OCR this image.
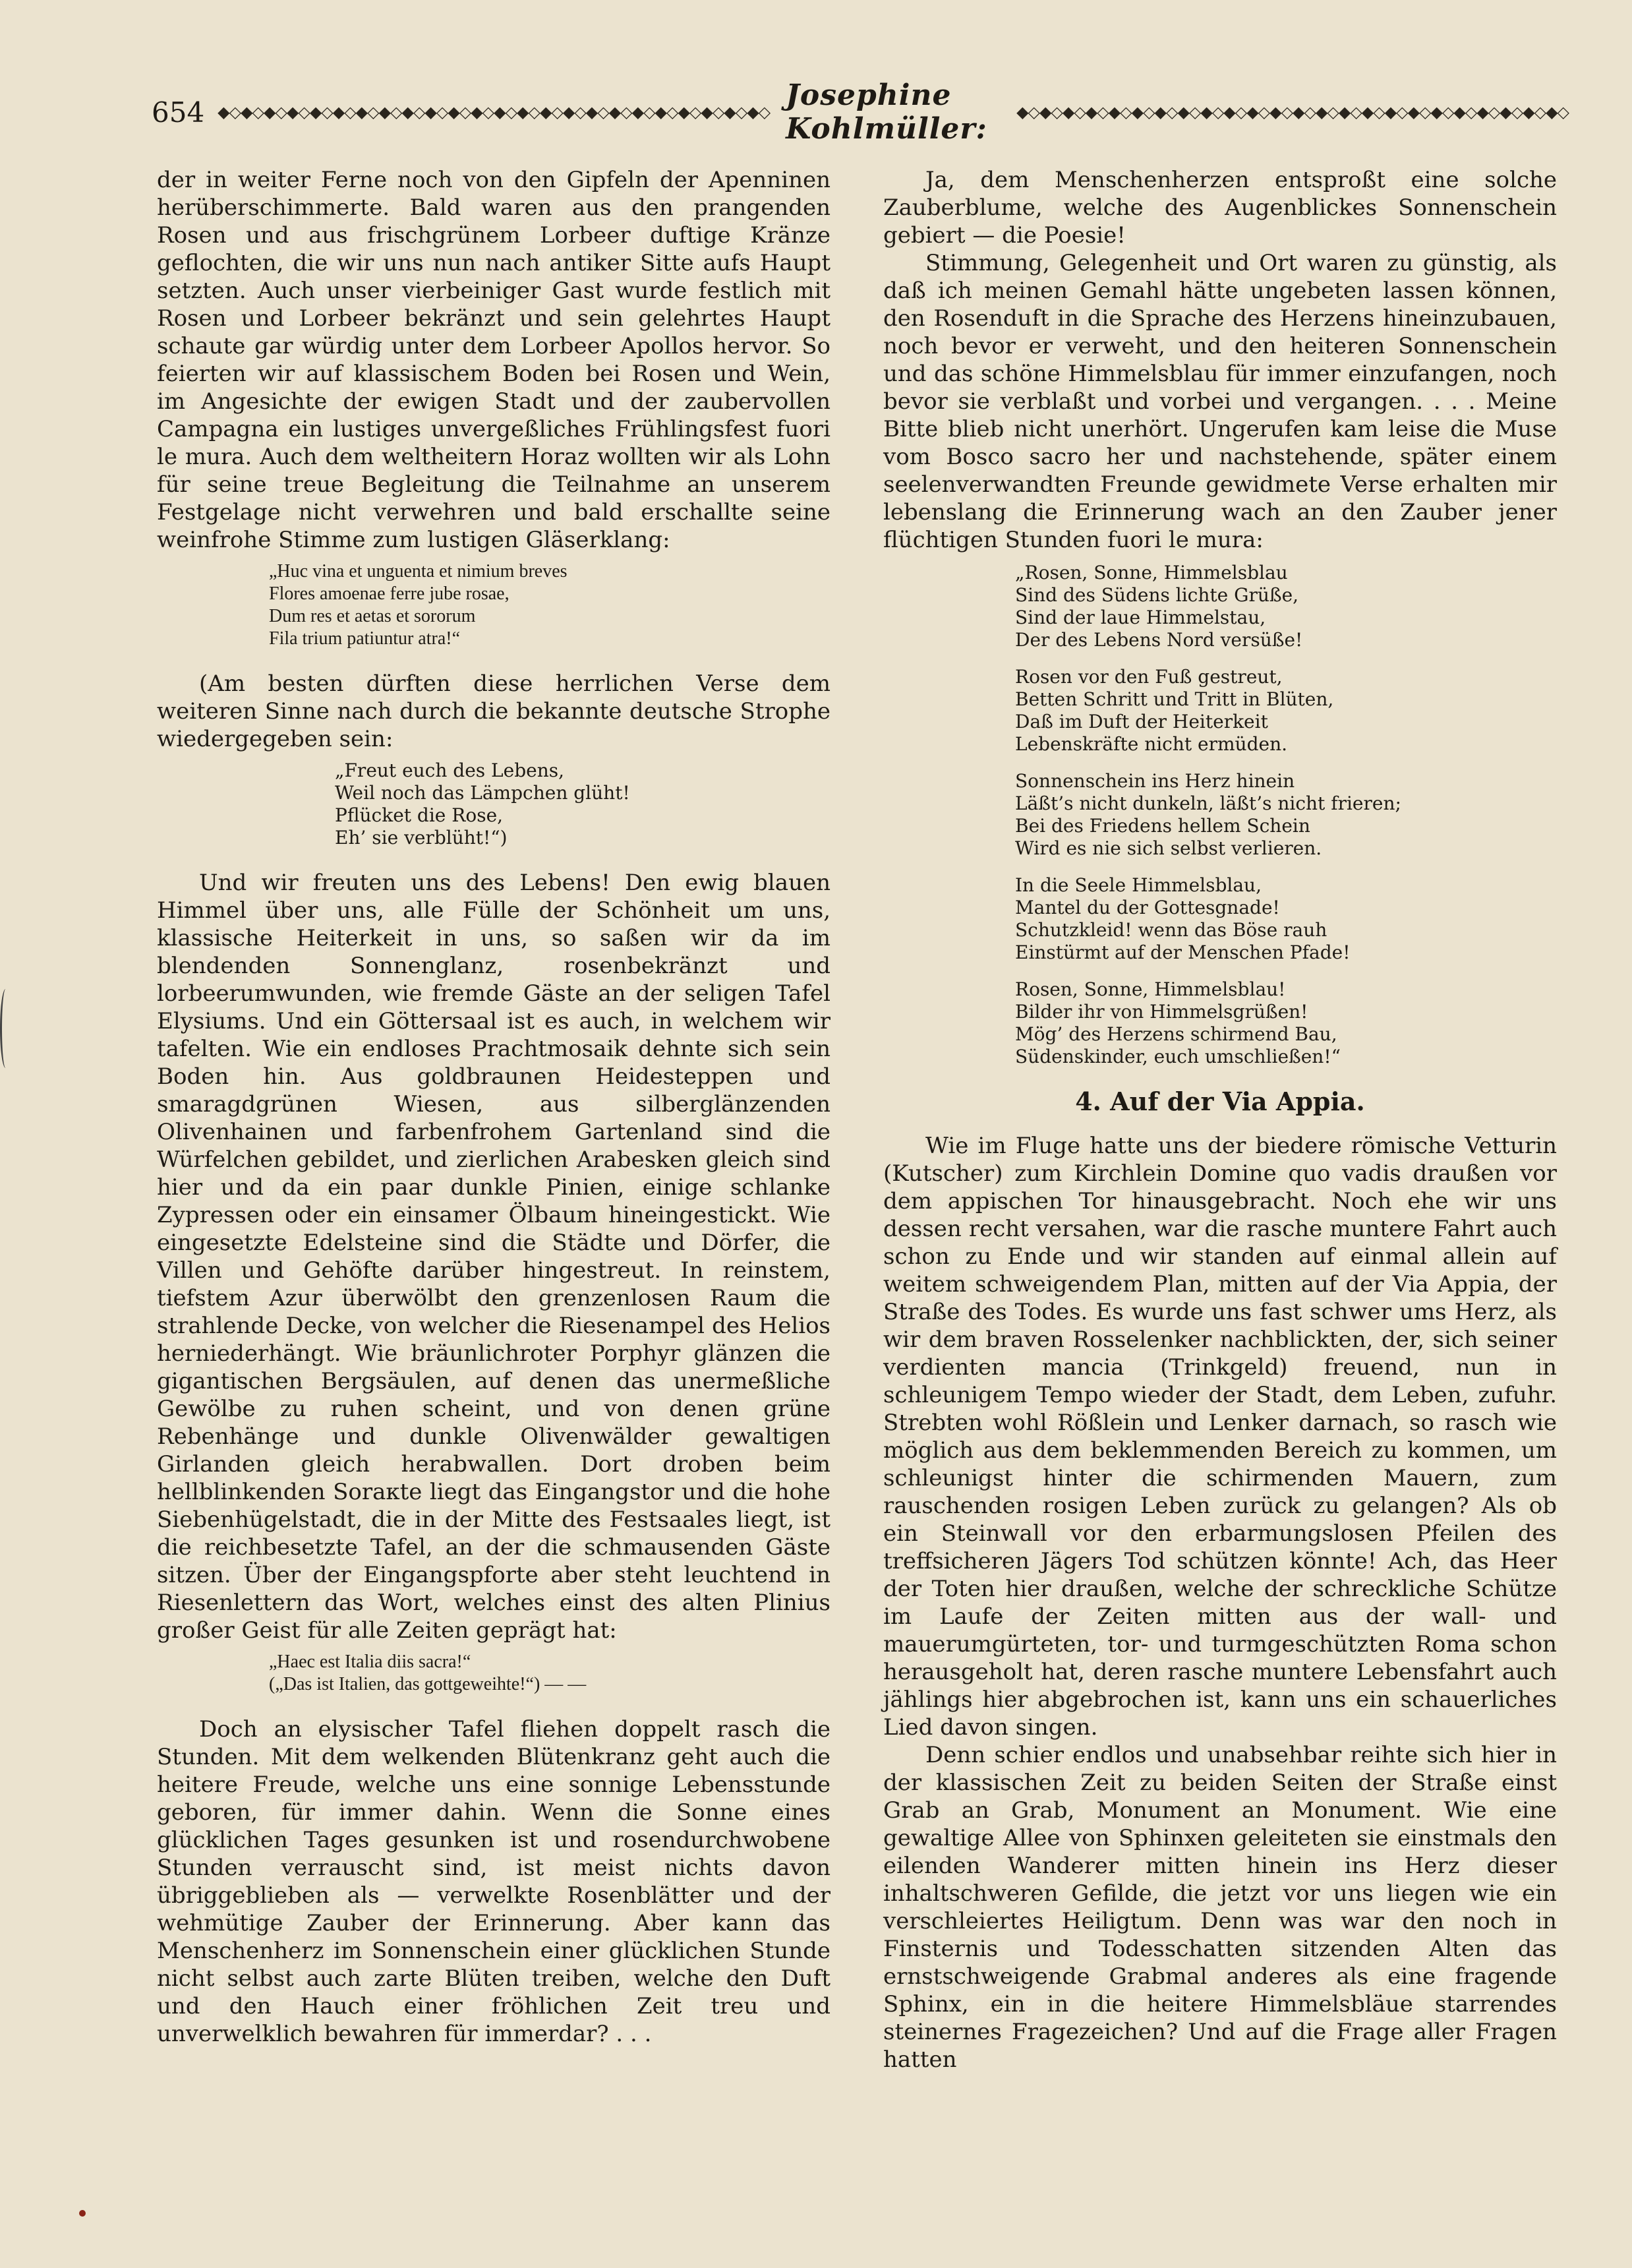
654 ◆◇◆◇◆◇◆◇◆◇◆◇◆◇◆◇◆◇◆◇◆◇◆◇◆◇◆◇◆◇◆◇◆◇◆◇◆◇◆◇◆◇◆◇◆◇◆◇ Josephine Kohlmüller:	◆◇◆◇◆◇◆◇◆◇◆◇◆◇◆◇◆◇◆◇◆◇◆◇◆◇◆◇◆◇◆◇◆◇◆◇◆◇◆◇◆◇◆◇◆◇◆◇

der in weiter Ferne noch von den Gipfeln der Apenninen herüberschimmerte. Bald waren aus den prangenden Rosen und aus frischgrünem Lorbeer duftige Kränze geflochten, die wir uns nun nach antiker Sitte aufs Haupt setzten. Auch unser vierbeiniger Gast wurde festlich mit Rosen und Lorbeer bekränzt und sein gelehrtes Haupt schaute gar würdig unter dem Lorbeer Apollos hervor. So feierten wir auf klassischem Boden bei Rosen und Wein, im Angesichte der ewigen Stadt und der zaubervollen Campagna ein lustiges unvergeßliches Frühlingsfest fuori le mura. Auch dem weltheitern Horaz wollten wir als Lohn für seine treue Begleitung die Teilnahme an unserem Festgelage nicht verwehren und bald erschallte seine weinfrohe Stimme zum lustigen Gläserklang:

„Huc vina et unguenta et nimium breves
Flores amoenae ferre jube rosae,
Dum res et aetas et sororum
Fila trium patiuntur atra!“

(Am besten dürften diese herrlichen Verse dem weiteren Sinne nach durch die bekannte deutsche Strophe wiedergegeben sein:

„Freut euch des Lebens,
Weil noch das Lämpchen glüht!
Pflücket die Rose,
Eh’ sie verblüht!“)

Und wir freuten uns des Lebens! Den ewig blauen Himmel über uns, alle Fülle der Schönheit um uns, klassische Heiterkeit in uns, so saßen wir da im blendenden Sonnenglanz, rosenbekränzt und lorbeerumwunden, wie fremde Gäste an der seligen Tafel Elysiums. Und ein Göttersaal ist es auch, in welchem wir tafelten. Wie ein endloses Prachtmosaik dehnte sich sein Boden hin. Aus goldbraunen Heidesteppen und smaragdgrünen Wiesen, aus silberglänzenden Olivenhainen und farbenfrohem Gartenland sind die Würfelchen gebildet, und zierlichen Arabesken gleich sind hier und da ein paar dunkle Pinien, einige schlanke Zypressen oder ein einsamer Ölbaum hineingestickt. Wie eingesetzte Edelsteine sind die Städte und Dörfer, die Villen und Gehöfte darüber hingestreut. In reinstem, tiefstem Azur überwölbt den grenzenlosen Raum die strahlende Decke, von welcher die Riesenampel des Helios herniederhängt. Wie bräunlichroter Porphyr glänzen die gigantischen Bergsäulen, auf denen das unermeßliche Gewölbe zu ruhen scheint, und von denen grüne Rebenhänge und dunkle Olivenwälder gewaltigen Girlanden gleich herabwallen. Dort droben beim hellblinkenden Soraкte liegt das Eingangstor und die hohe Siebenhügelstadt, die in der Mitte des Festsaales liegt, ist die reichbesetzte Tafel, an der die schmausenden Gäste sitzen. Über der Eingangspforte aber steht leuchtend in Riesenlettern das Wort, welches einst des alten Plinius großer Geist für alle Zeiten geprägt hat:

„Haec est Italia diis sacra!“
(„Das ist Italien, das gottgeweihte!“) — —

Doch an elysischer Tafel fliehen doppelt rasch die Stunden. Mit dem welkenden Blütenkranz geht auch die heitere Freude, welche uns eine sonnige Lebensstunde geboren, für immer dahin. Wenn die Sonne eines glücklichen Tages gesunken ist und rosendurchwobene Stunden verrauscht sind, ist meist nichts davon übriggeblieben als — verwelkte Rosenblätter und der wehmütige Zauber der Erinnerung. Aber kann das Menschenherz im Sonnenschein einer glücklichen Stunde nicht selbst auch zarte Blüten treiben, welche den Duft und den Hauch einer fröhlichen Zeit treu und unverwelklich bewahren für immerdar? . . .

Ja, dem Menschenherzen entsproßt eine solche Zauberblume, welche des Augenblickes Sonnenschein gebiert — die Poesie!

Stimmung, Gelegenheit und Ort waren zu günstig, als daß ich meinen Gemahl hätte ungebeten lassen können, den Rosenduft in die Sprache des Herzens hineinzubauen, noch bevor er verweht, und den heiteren Sonnenschein und das schöne Himmelsblau für immer einzufangen, noch bevor sie verblaßt und vorbei und vergangen. . . . Meine Bitte blieb nicht unerhört. Ungerufen kam leise die Muse vom Bosco sacro her und nachstehende, später einem seelenverwandten Freunde gewidmete Verse erhalten mir lebenslang die Erinnerung wach an den Zauber jener flüchtigen Stunden fuori le mura:

„Rosen, Sonne, Himmelsblau
Sind des Südens lichte Grüße,
Sind der laue Himmelstau,
Der des Lebens Nord versüße!
Rosen vor den Fuß gestreut,
Betten Schritt und Tritt in Blüten,
Daß im Duft der Heiterkeit
Lebenskräfte nicht ermüden.
Sonnenschein ins Herz hinein
Läßt’s nicht dunkeln, läßt’s nicht frieren;
Bei des Friedens hellem Schein
Wird es nie sich selbst verlieren.
In die Seele Himmelsblau,
Mantel du der Gottesgnade!
Schutzkleid! wenn das Böse rauh
Einstürmt auf der Menschen Pfade!
Rosen, Sonne, Himmelsblau!
Bilder ihr von Himmelsgrüßen!
Mög’ des Herzens schirmend Bau,
Südenskinder, euch umschließen!“
4. Auf der Via Appia.

Wie im Fluge hatte uns der biedere römische Vetturin (Kutscher) zum Kirchlein Domine quo vadis draußen vor dem appischen Tor hinausgebracht. Noch ehe wir uns dessen recht versahen, war die rasche muntere Fahrt auch schon zu Ende und wir standen auf einmal allein auf weitem schweigendem Plan, mitten auf der Via Appia, der Straße des Todes. Es wurde uns fast schwer ums Herz, als wir dem braven Rosselenker nachblickten, der, sich seiner verdienten mancia (Trinkgeld) freuend, nun in schleunigem Tempo wieder der Stadt, dem Leben, zufuhr. Strebten wohl Rößlein und Lenker darnach, so rasch wie möglich aus dem beklemmenden Bereich zu kommen, um schleunigst hinter die schirmenden Mauern, zum rauschenden rosigen Leben zurück zu gelangen? Als ob ein Steinwall vor den erbarmungslosen Pfeilen des treffsicheren Jägers Tod schützen könnte! Ach, das Heer der Toten hier draußen, welche der schreckliche Schütze im Laufe der Zeiten mitten aus der wall- und mauerumgürteten, tor- und turmgeschützten Roma schon herausgeholt hat, deren rasche muntere Lebensfahrt auch jählings hier abgebrochen ist, kann uns ein schauerliches Lied davon singen.

Denn schier endlos und unabsehbar reihte sich hier in der klassischen Zeit zu beiden Seiten der Straße einst Grab an Grab, Monument an Monument. Wie eine gewaltige Allee von Sphinxen geleiteten sie einstmals den eilenden Wanderer mitten hinein ins Herz dieser inhaltschweren Gefilde, die jetzt vor uns liegen wie ein verschleiertes Heiligtum. Denn was war den noch in Finsternis und Todesschatten sitzenden Alten das ernstschweigende Grabmal anderes als eine fragende Sphinx, ein in die heitere Himmelsbläue starrendes steinernes Fragezeichen? Und auf die Frage aller Fragen hatten
